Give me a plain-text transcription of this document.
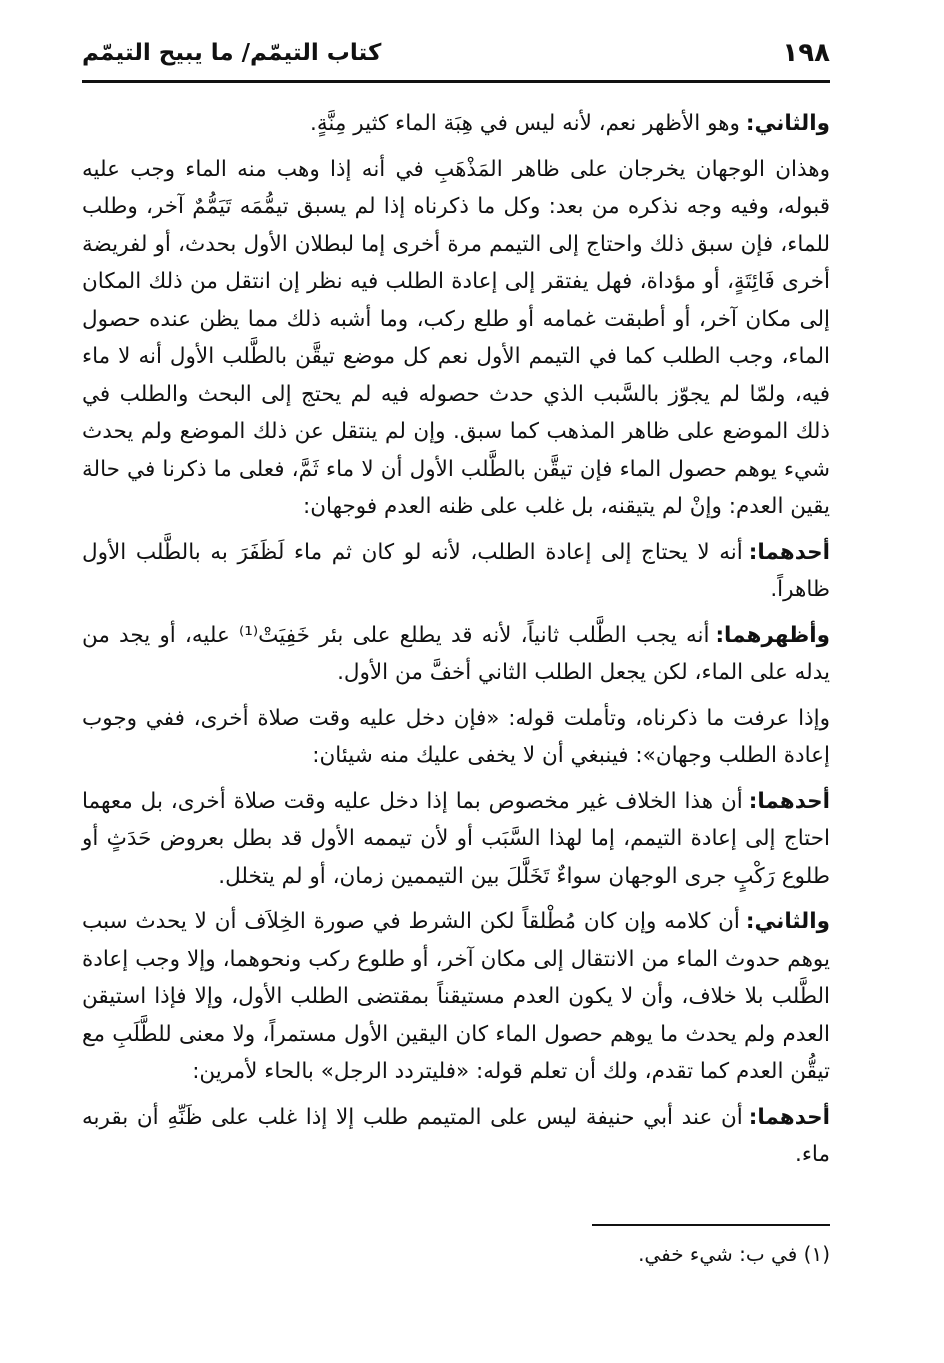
١٩٨
كتاب التيمّم/ ما يبيح التيمّم

والثاني:وهو الأظهر نعم، لأنه ليس في هِبَة الماء كثير مِنَّةٍ.

وهذان الوجهان يخرجان على ظاهر المَذْهَبِ في أنه إذا وهب منه الماء وجب عليه قبوله، وفيه وجه نذكره من بعد: وكل ما ذكرناه إذا لم يسبق تيمُّمَه تَيَمُّمٌ آخر، وطلب للماء، فإن سبق ذلك واحتاج إلى التيمم مرة أخرى إما لبطلان الأول بحدث، أو لفريضة أخرى فَائِتَةٍ، أو مؤداة، فهل يفتقر إلى إعادة الطلب فيه نظر إن انتقل من ذلك المكان إلى مكان آخر، أو أطبقت غمامه أو طلع ركب، وما أشبه ذلك مما يظن عنده حصول الماء، وجب الطلب كما في التيمم الأول نعم كل موضع تيقَّن بالطَّلب الأول أنه لا ماء فيه، ولمّا لم يجوّز بالسَّبب الذي حدث حصوله فيه لم يحتج إلى البحث والطلب في ذلك الموضع على ظاهر المذهب كما سبق. وإن لم ينتقل عن ذلك الموضع ولم يحدث شيء يوهم حصول الماء فإن تيقَّن بالطَّلب الأول أن لا ماء ثَمَّ، فعلى ما ذكرنا في حالة يقين العدم: وإنْ لم يتيقنه، بل غلب على ظنه العدم فوجهان:

أحدهما:أنه لا يحتاج إلى إعادة الطلب، لأنه لو كان ثم ماء لَظَفَرَ به بالطَّلب الأول ظاهراً.

وأظهرهما:أنه يجب الطَّلب ثانياً، لأنه قد يطلع على بئر خَفِيَتْ⁽¹⁾ عليه، أو يجد من يدله على الماء، لكن يجعل الطلب الثاني أخفَّ من الأول.

وإذا عرفت ما ذكرناه، وتأملت قوله: «فإن دخل عليه وقت صلاة أخرى، ففي وجوب إعادة الطلب وجهان»: فينبغي أن لا يخفى عليك منه شيئان:

أحدهما:أن هذا الخلاف غير مخصوص بما إذا دخل عليه وقت صلاة أخرى، بل معهما احتاج إلى إعادة التيمم، إما لهذا السَّبَب أو لأن تيممه الأول قد بطل بعروض حَدَثٍ أو طلوع رَكْبٍ جرى الوجهان سواءٌ تَخَلَّلَ بين التيممين زمان، أو لم يتخلل.

والثاني:أن كلامه وإن كان مُطْلقاً لكن الشرط في صورة الخِلاَف أن لا يحدث سبب يوهم حدوث الماء من الانتقال إلى مكان آخر، أو طلوع ركب ونحوهما، وإلا وجب إعادة الطَّلب بلا خلاف، وأن لا يكون العدم مستيقناً بمقتضى الطلب الأول، وإلا فإذا استيقن العدم ولم يحدث ما يوهم حصول الماء كان اليقين الأول مستمراً، ولا معنى للطَّلَبِ مع تيقُّن العدم كما تقدم، ولك أن تعلم قوله: «فليتردد الرجل» بالحاء لأمرين:

أحدهما:أن عند أبي حنيفة ليس على المتيمم طلب إلا إذا غلب على ظَنِّهِ أن بقربه ماء.

(١) في ب: شيء خفي.
